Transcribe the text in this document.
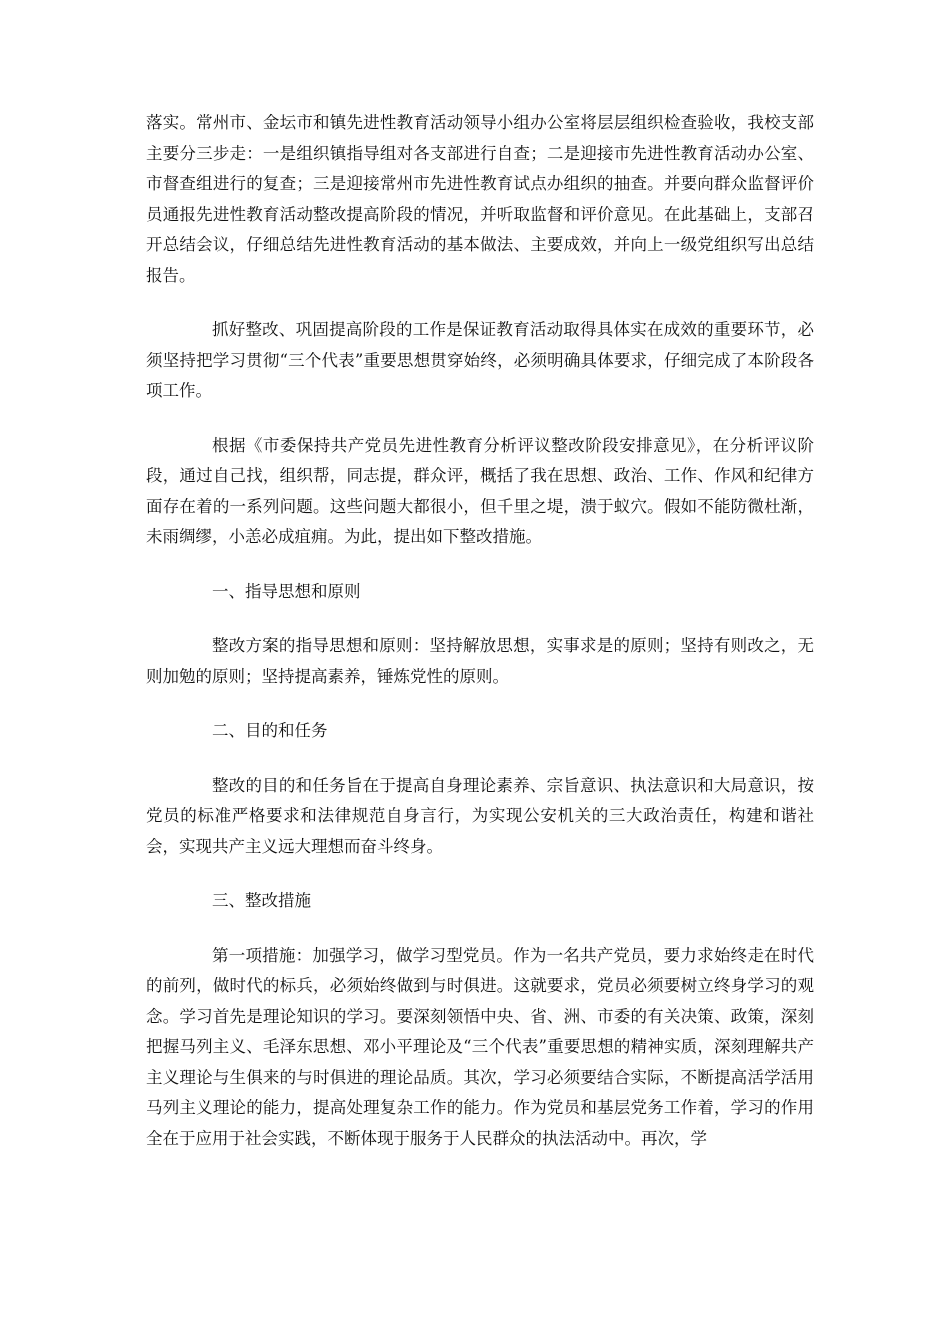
落实。常州市、金坛市和镇先进性教育活动领导小组办公室将层层组织检查验收，我校支部主要分三步走：一是组织镇指导组对各支部进行自查；二是迎接市先进性教育活动办公室、市督查组进行的复查；三是迎接常州市先进性教育试点办组织的抽查。并要向群众监督评价员通报先进性教育活动整改提高阶段的情况，并听取监督和评价意见。在此基础上，支部召开总结会议，仔细总结先进性教育活动的基本做法、主要成效，并向上一级党组织写出总结报告。

抓好整改、巩固提高阶段的工作是保证教育活动取得具体实在成效的重要环节，必须坚持把学习贯彻“三个代表”重要思想贯穿始终，必须明确具体要求，仔细完成了本阶段各项工作。

根据《市委保持共产党员先进性教育分析评议整改阶段安排意见》，在分析评议阶段，通过自己找，组织帮，同志提，群众评，概括了我在思想、政治、工作、作风和纪律方面存在着的一系列问题。这些问题大都很小，但千里之堤，溃于蚁穴。假如不能防微杜渐，未雨绸缪，小恙必成疽痈。为此，提出如下整改措施。

一、指导思想和原则

整改方案的指导思想和原则：坚持解放思想，实事求是的原则；坚持有则改之，无则加勉的原则；坚持提高素养，锤炼党性的原则。

二、目的和任务

整改的目的和任务旨在于提高自身理论素养、宗旨意识、执法意识和大局意识，按党员的标准严格要求和法律规范自身言行，为实现公安机关的三大政治责任，构建和谐社会，实现共产主义远大理想而奋斗终身。

三、整改措施

第一项措施：加强学习，做学习型党员。作为一名共产党员，要力求始终走在时代的前列，做时代的标兵，必须始终做到与时俱进。这就要求，党员必须要树立终身学习的观念。学习首先是理论知识的学习。要深刻领悟中央、省、洲、市委的有关决策、政策，深刻把握马列主义、毛泽东思想、邓小平理论及“三个代表”重要思想的精神实质，深刻理解共产主义理论与生俱来的与时俱进的理论品质。其次，学习必须要结合实际，不断提高活学活用马列主义理论的能力，提高处理复杂工作的能力。作为党员和基层党务工作着，学习的作用全在于应用于社会实践，不断体现于服务于人民群众的执法活动中。再次，学
